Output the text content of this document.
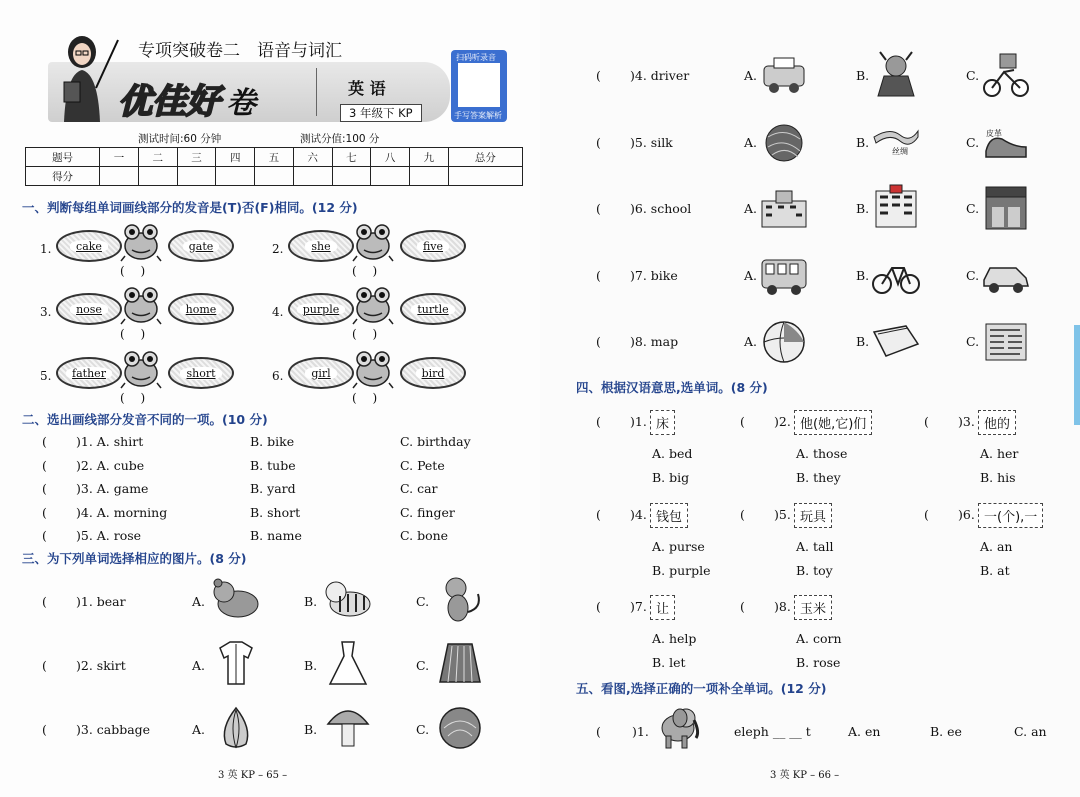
专项突破卷二　语音与词汇
优佳好 卷	英 语
3 年级下 KP
扫码听录音
手写答案解析
测试时间:60 分钟	测试分值:100 分
题号	一	二	三	四	五	六	七	八	九	总分
得分										
一、判断每组单词画线部分的发音是(T)否(F)相同。(12 分)
1.	cake	gate
(　 )
2.	she	five
(　 )
3.	nose	home
(　 )
4.	purple	turtle
(　 )
5.	father	short
(　 )
6.	girl	bird
(　 )
二、选出画线部分发音不同的一项。(10 分)
( )1. A. shirt	B. bike	C. birthday
( )2. A. cube	B. tube	C. Pete
( )3. A. game	B. yard	C. car
( )4. A. morning	B. short	C. finger
( )5. A. rose	B. name	C. bone
三、为下列单词选择相应的图片。(8 分)
( )1. bear	A.	B.	C.
( )2. skirt	A.	B.	C.
( )3. cabbage	A.	B.	C.
3 英 KP – 65 –
( )4. driver	A.	B.	C.
( )5. silk	A.	B.	C.
( )6. school	A.	B.	C.
( )7. bike	A.	B.	C.
( )8. map	A.	B.	C.
丝绸
皮革
四、根据汉语意思,选单词。(8 分)
( )1. 床
A. bed
B. big
( )2. 他(她,它)们
A. those
B. they
( )3. 他的
A. her
B. his
( )4. 钱包
A. purse
B. purple
( )5. 玩具
A. tall
B. toy
( )6. 一(个),一
A. an
B. at
( )7. 让
A. help
B. let
( )8. 玉米
A. corn
B. rose
五、看图,选择正确的一项补全单词。(12 分)
( )1.	eleph __ __ t	A. en	B. ee	C. an
3 英 KP – 66 –
